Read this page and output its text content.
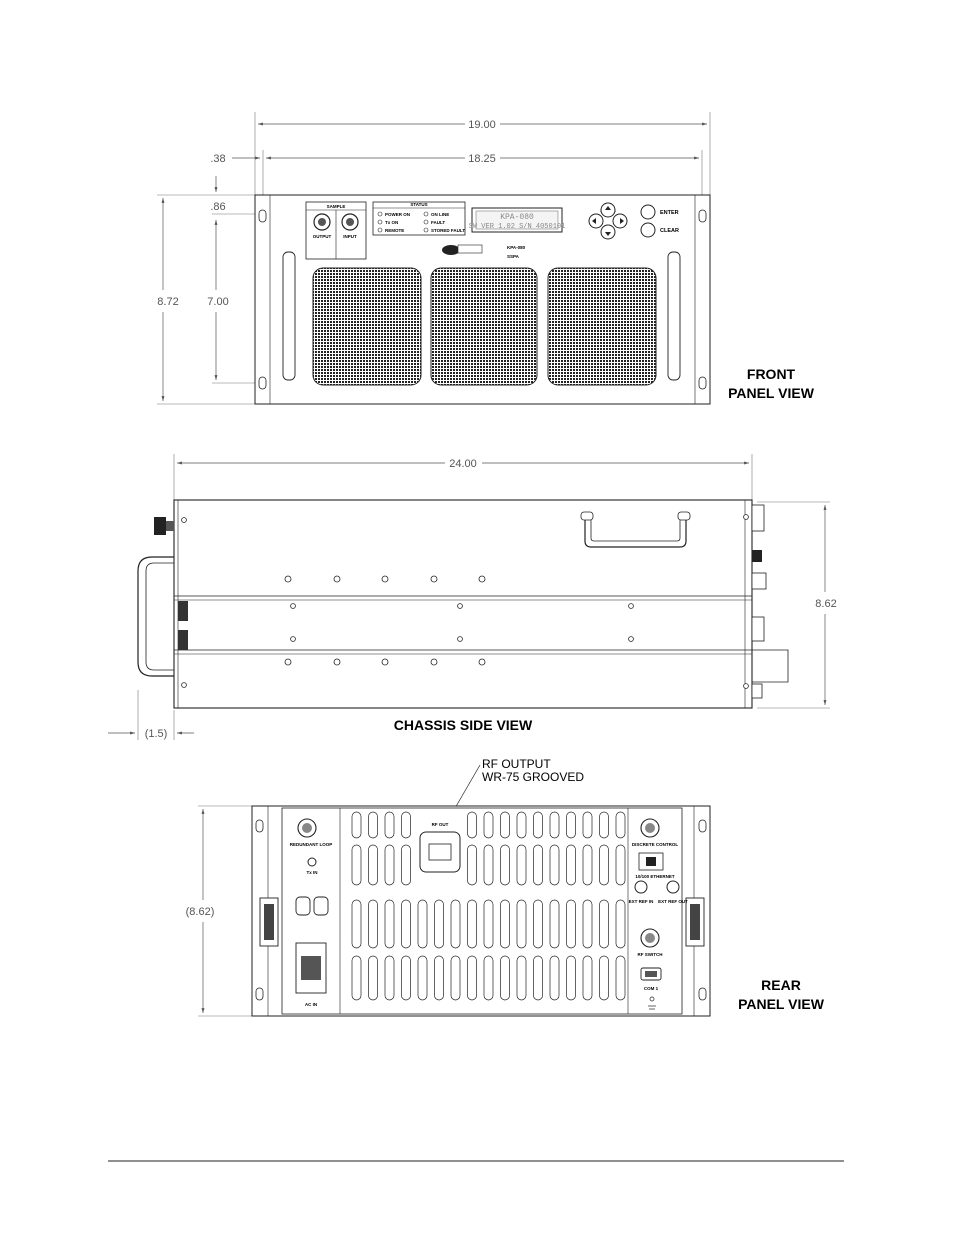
19.00
18.25
.38
8.72
.86
7.00
SAMPLE
OUTPUT	INPUT
STATUS
POWER ON
Tx ON
REMOTE
ON LINE
FAULT
STORED FAULT
KPA-080
SW VER 1.02 S/N 4050101
ENTER
CLEAR
KPA-080
SSPA
FRONT
PANEL VIEW
24.00
8.62
(1.5)
CHASSIS SIDE VIEW
RF OUTPUT
WR-75 GROOVED
(8.62)
RF OUT
REDUNDANT LOOP
Tx IN
AC IN
DISCRETE CONTROL
10/100 ETHERNET
EXT REF IN EXT REF OUT
RF SWITCH
COM 1	REAR
PANEL VIEW
